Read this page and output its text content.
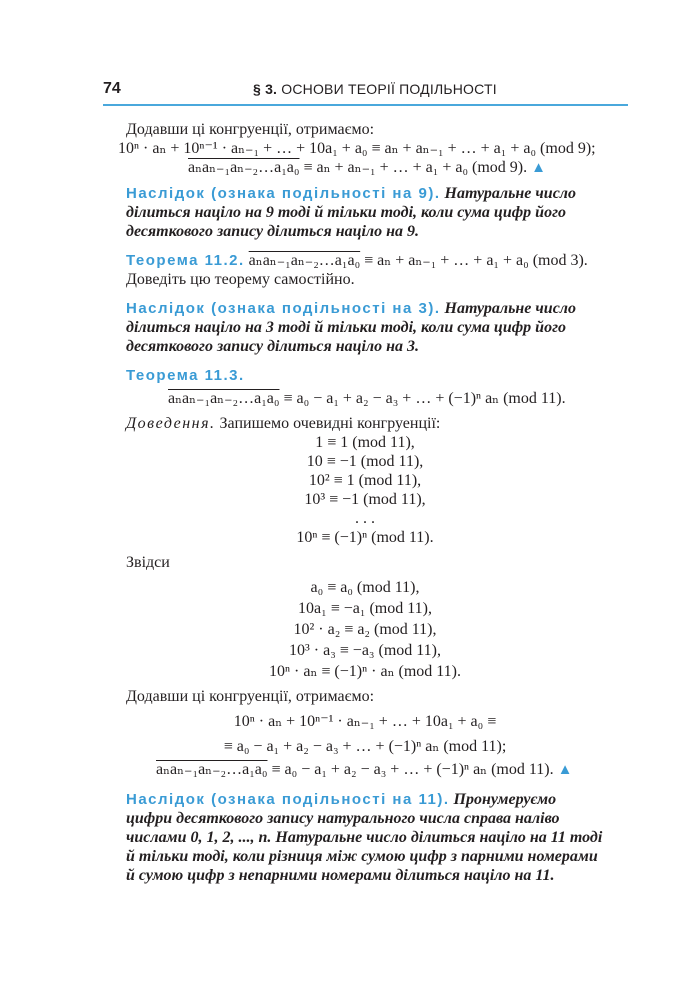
74	§ 3. ОСНОВИ ТЕОРІЇ ПОДІЛЬНОСТІ

Додавши ці конгруенції, отримаємо:

10ⁿ · aₙ + 10ⁿ⁻¹ · aₙ₋₁ + … + 10a₁ + a₀ ≡ aₙ + aₙ₋₁ + … + a₁ + a₀ (mod 9);

aₙaₙ₋₁aₙ₋₂…a₁a₀ ≡ aₙ + aₙ₋₁ + … + a₁ + a₀ (mod 9). ▲

Наслідок (ознака подільності на 9). Натуральне число ділиться націло на 9 тоді й тільки тоді, коли сума цифр його десяткового запису ділиться націло на 9.

Теорема 11.2. aₙaₙ₋₁aₙ₋₂…a₁a₀ ≡ aₙ + aₙ₋₁ + … + a₁ + a₀ (mod 3).

Доведіть цю теорему самостійно.

Наслідок (ознака подільності на 3). Натуральне число ділиться націло на 3 тоді й тільки тоді, коли сума цифр його десяткового запису ділиться націло на 3.

Теорема 11.3.

aₙaₙ₋₁aₙ₋₂…a₁a₀ ≡ a₀ − a₁ + a₂ − a₃ + … + (−1)ⁿ aₙ (mod 11).

Доведення. Запишемо очевидні конгруенції:

1 ≡ 1 (mod 11),

10 ≡ −1 (mod 11),

10² ≡ 1 (mod 11),

10³ ≡ −1 (mod 11),

. . .

10ⁿ ≡ (−1)ⁿ (mod 11).

Звідси

a₀ ≡ a₀ (mod 11),

10a₁ ≡ −a₁ (mod 11),

10² · a₂ ≡ a₂ (mod 11),

10³ · a₃ ≡ −a₃ (mod 11),

10ⁿ · aₙ ≡ (−1)ⁿ · aₙ (mod 11).

Додавши ці конгруенції, отримаємо:

10ⁿ · aₙ + 10ⁿ⁻¹ · aₙ₋₁ + … + 10a₁ + a₀ ≡

≡ a₀ − a₁ + a₂ − a₃ + … + (−1)ⁿ aₙ (mod 11);

aₙaₙ₋₁aₙ₋₂…a₁a₀ ≡ a₀ − a₁ + a₂ − a₃ + … + (−1)ⁿ aₙ (mod 11). ▲

Наслідок (ознака подільності на 11). Пронумеруємо цифри десяткового запису натурального числа справа наліво числами 0, 1, 2, ..., n. Натуральне число ділиться націло на 11 тоді й тільки тоді, коли різниця між сумою цифр з парними номерами й сумою цифр з непарними номерами ділиться націло на 11.
